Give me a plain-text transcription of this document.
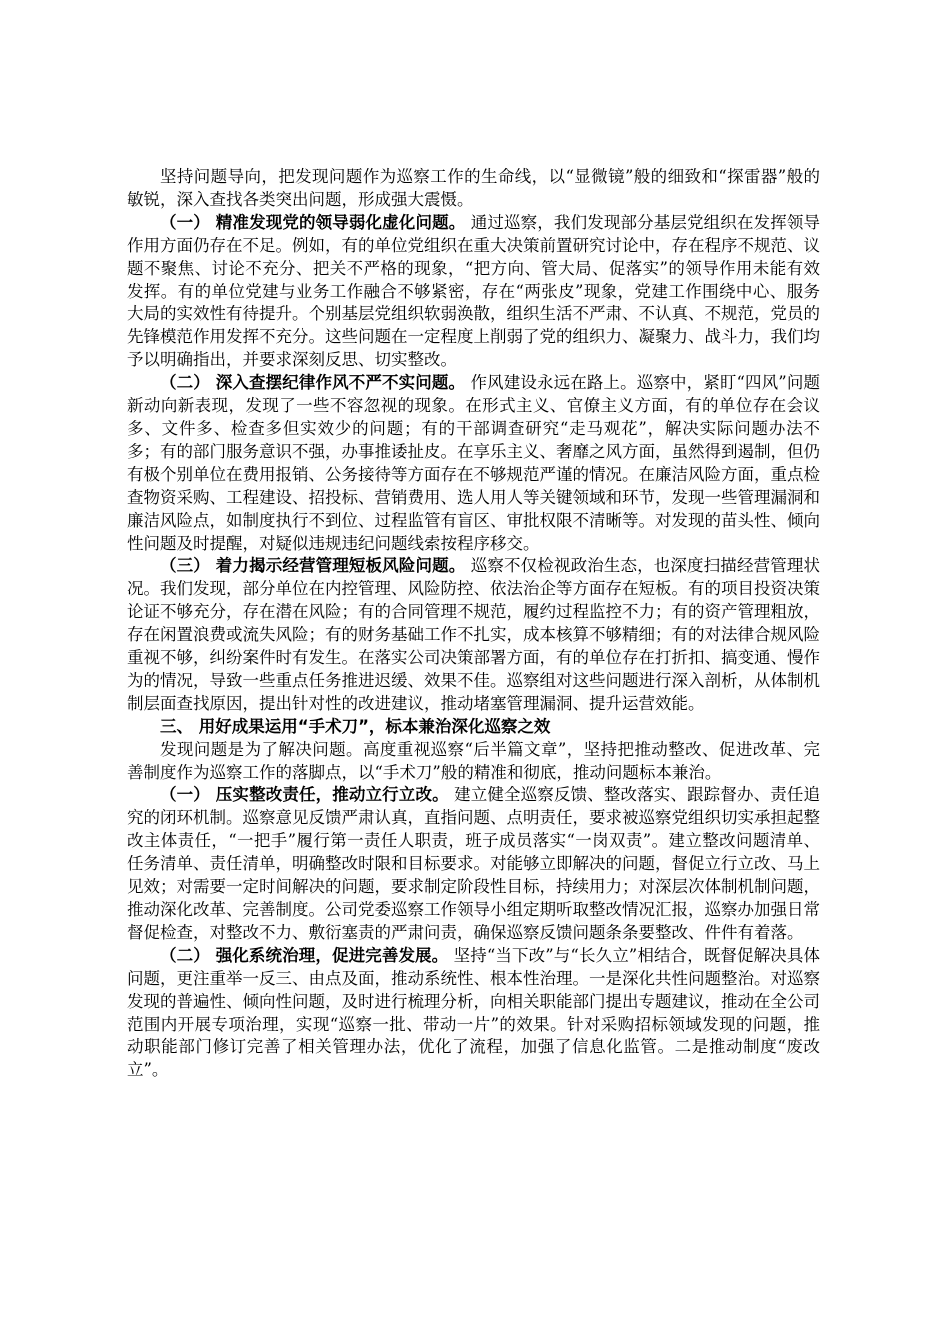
坚持问题导向，把发现问题作为巡察工作的生命线，以“显微镜”般的细致和“探雷器”般的敏锐，深入查找各类突出问题，形成强大震慑。

（一） 精准发现党的领导弱化虚化问题。 通过巡察，我们发现部分基层党组织在发挥领导作用方面仍存在不足。例如，有的单位党组织在重大决策前置研究讨论中，存在程序不规范、议题不聚焦、讨论不充分、把关不严格的现象，“把方向、管大局、促落实”的领导作用未能有效发挥。有的单位党建与业务工作融合不够紧密，存在“两张皮”现象，党建工作围绕中心、服务大局的实效性有待提升。个别基层党组织软弱涣散，组织生活不严肃、不认真、不规范，党员的先锋模范作用发挥不充分。这些问题在一定程度上削弱了党的组织力、凝聚力、战斗力，我们均予以明确指出，并要求深刻反思、切实整改。

（二） 深入查摆纪律作风不严不实问题。 作风建设永远在路上。巡察中，紧盯“四风”问题新动向新表现，发现了一些不容忽视的现象。在形式主义、官僚主义方面，有的单位存在会议多、文件多、检查多但实效少的问题；有的干部调查研究“走马观花”，解决实际问题办法不多；有的部门服务意识不强，办事推诿扯皮。在享乐主义、奢靡之风方面，虽然得到遏制，但仍有极个别单位在费用报销、公务接待等方面存在不够规范严谨的情况。在廉洁风险方面，重点检查物资采购、工程建设、招投标、营销费用、选人用人等关键领域和环节，发现一些管理漏洞和廉洁风险点，如制度执行不到位、过程监管有盲区、审批权限不清晰等。对发现的苗头性、倾向性问题及时提醒，对疑似违规违纪问题线索按程序移交。

（三） 着力揭示经营管理短板风险问题。 巡察不仅检视政治生态，也深度扫描经营管理状况。我们发现，部分单位在内控管理、风险防控、依法治企等方面存在短板。有的项目投资决策论证不够充分，存在潜在风险；有的合同管理不规范，履约过程监控不力；有的资产管理粗放，存在闲置浪费或流失风险；有的财务基础工作不扎实，成本核算不够精细；有的对法律合规风险重视不够，纠纷案件时有发生。在落实公司决策部署方面，有的单位存在打折扣、搞变通、慢作为的情况，导致一些重点任务推进迟缓、效果不佳。巡察组对这些问题进行深入剖析，从体制机制层面查找原因，提出针对性的改进建议，推动堵塞管理漏洞、提升运营效能。

三、 用好成果运用“手术刀”，标本兼治深化巡察之效

发现问题是为了解决问题。高度重视巡察“后半篇文章”，坚持把推动整改、促进改革、完善制度作为巡察工作的落脚点，以“手术刀”般的精准和彻底，推动问题标本兼治。

（一） 压实整改责任，推动立行立改。 建立健全巡察反馈、整改落实、跟踪督办、责任追究的闭环机制。巡察意见反馈严肃认真，直指问题、点明责任，要求被巡察党组织切实承担起整改主体责任，“一把手”履行第一责任人职责，班子成员落实“一岗双责”。建立整改问题清单、任务清单、责任清单，明确整改时限和目标要求。对能够立即解决的问题，督促立行立改、马上见效；对需要一定时间解决的问题，要求制定阶段性目标，持续用力；对深层次体制机制问题，推动深化改革、完善制度。公司党委巡察工作领导小组定期听取整改情况汇报，巡察办加强日常督促检查，对整改不力、敷衍塞责的严肃问责，确保巡察反馈问题条条要整改、件件有着落。

（二） 强化系统治理，促进完善发展。 坚持“当下改”与“长久立”相结合，既督促解决具体问题，更注重举一反三、由点及面，推动系统性、根本性治理。一是深化共性问题整治。对巡察发现的普遍性、倾向性问题，及时进行梳理分析，向相关职能部门提出专题建议，推动在全公司范围内开展专项治理，实现“巡察一批、带动一片”的效果。针对采购招标领域发现的问题，推动职能部门修订完善了相关管理办法，优化了流程，加强了信息化监管。二是推动制度“废改立”。
